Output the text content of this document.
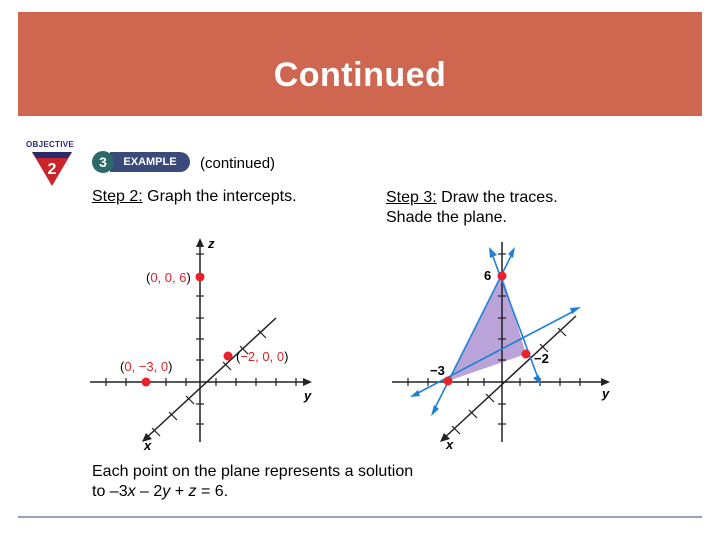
Continued
OBJECTIVE
2	EXAMPLE
3	(continued)
Step 2: Graph the intercepts.	Step 3: Draw the traces.
Shade the plane.
z
y
x
(0, 0, 6)
(0, −3, 0)
(−2, 0, 0)
6
−3
−2
y
x
Each point on the plane represents a solution
to –3x – 2y + z = 6.
